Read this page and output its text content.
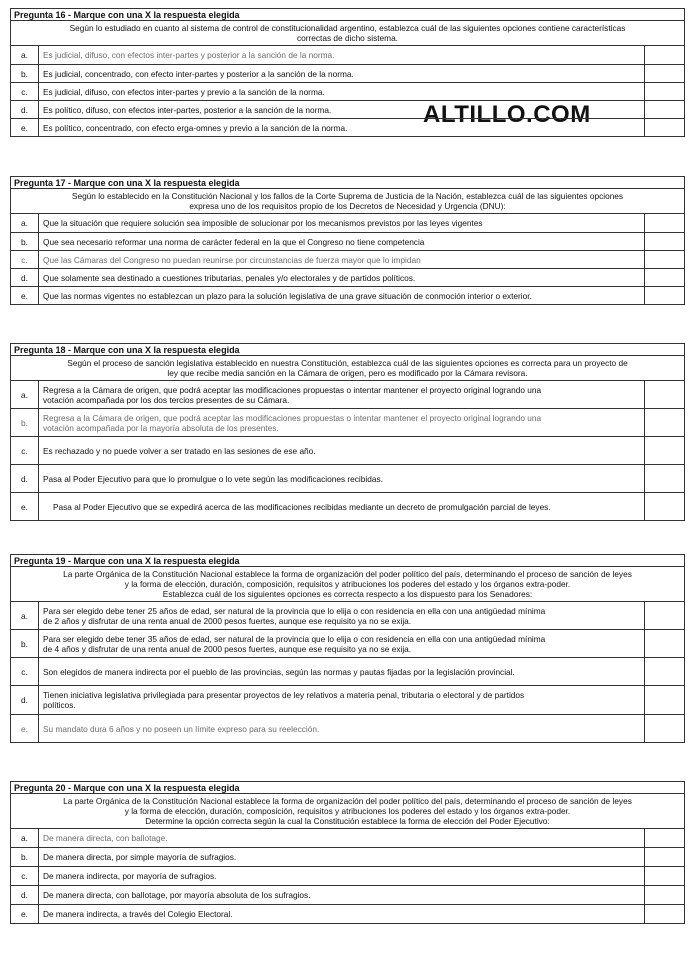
ALTILLO.COM
Pregunta 16 - Marque con una X la respuesta elegida		

Según lo estudiado en cuanto al sistema de control de constitucionalidad argentino, establezca cuál de las siguientes opciones contiene características
correctas de dicho sistema.		

a.	Es judicial, difuso, con efectos inter-partes y posterior a la sanción de la norma.	
b.	Es judicial, concentrado, con efecto inter-partes y posterior a la sanción de la norma.	
c.	Es judicial, difuso, con efectos inter-partes y previo a la sanción de la norma.	
d.	Es político, difuso, con efectos inter-partes, posterior a la sanción de la norma.	
e.	Es político, concentrado, con efecto erga-omnes y previo a la sanción de la norma.	
Pregunta 17 - Marque con una X la respuesta elegida		

Según lo establecido en la Constitución Nacional y los fallos de la Corte Suprema de Justicia de la Nación, establezca cuál de las siguientes opciones
expresa uno de los requisitos propio de los Decretos de Necesidad y Urgencia (DNU):		

a.	Que la situación que requiere solución sea imposible de solucionar por los mecanismos previstos por las leyes vigentes	
b.	Que sea necesario reformar una norma de carácter federal en la que el Congreso no tiene competencia	
c.	Que las Cámaras del Congreso no puedan reunirse por circunstancias de fuerza mayor que lo impidan	
d.	Que solamente sea destinado a cuestiones tributarias, penales y/o electorales y de partidos políticos.	
e.	Que las normas vigentes no establezcan un plazo para la solución legislativa de una grave situación de conmoción interior o exterior.	
Pregunta 18 - Marque con una X la respuesta elegida		

Según el proceso de sanción legislativa establecido en nuestra Constitución, establezca cuál de las siguientes opciones es correcta para un proyecto de
ley que recibe media sanción en la Cámara de origen, pero es modificado por la Cámara revisora.		

a.	Regresa a la Cámara de origen, que podrá aceptar las modificaciones propuestas o intentar mantener el proyecto original logrando una
votación acompañada por los dos tercios presentes de su Cámara.	

b.	Regresa a la Cámara de origen, que podrá aceptar las modificaciones propuestas o intentar mantener el proyecto original logrando una
votación acompañada por la mayoría absoluta de los presentes.	

c.	Es rechazado y no puede volver a ser tratado en las sesiones de ese año.	
d.	Pasa al Poder Ejecutivo para que lo promulgue o lo vete según las modificaciones recibidas.	
e.	Pasa al Poder Ejecutivo que se expedirá acerca de las modificaciones recibidas mediante un decreto de promulgación parcial de leyes.	
Pregunta 19 - Marque con una X la respuesta elegida		

La parte Orgánica de la Constitución Nacional establece la forma de organización del poder político del país, determinando el proceso de sanción de leyes
y la forma de elección, duración, composición, requisitos y atribuciones los poderes del estado y los órganos extra-poder.
Establezca cuál de los siguientes opciones es correcta respecto a los dispuesto para los Senadores:		

a.	Para ser elegido debe tener 25 años de edad, ser natural de la provincia que lo elija o con residencia en ella con una antigüedad mínima
de 2 años y disfrutar de una renta anual de 2000 pesos fuertes, aunque ese requisito ya no se exija.	

b.	Para ser elegido debe tener 35 años de edad, ser natural de la provincia que lo elija o con residencia en ella con una antigüedad mínima
de 4 años y disfrutar de una renta anual de 2000 pesos fuertes, aunque ese requisito ya no se exija.	

c.	Son elegidos de manera indirecta por el pueblo de las provincias, según las normas y pautas fijadas por la legislación provincial.	
d.	Tienen iniciativa legislativa privilegiada para presentar proyectos de ley relativos a materia penal, tributaria o electoral y de partidos
políticos.	

e.	Su mandato dura 6 años y no poseen un límite expreso para su reelección.	
Pregunta 20 - Marque con una X la respuesta elegida		

La parte Orgánica de la Constitución Nacional establece la forma de organización del poder político del país, determinando el proceso de sanción de leyes
y la forma de elección, duración, composición, requisitos y atribuciones los poderes del estado y los órganos extra-poder.
Determine la opción correcta según la cual la Constitución establece la forma de elección del Poder Ejecutivo:		

a.	De manera directa, con ballotage.	
b.	De manera directa, por simple mayoría de sufragios.	
c.	De manera indirecta, por mayoría de sufragios.	
d.	De manera directa, con ballotage, por mayoría absoluta de los sufragios.	
e.	De manera indirecta, a través del Colegio Electoral.	
